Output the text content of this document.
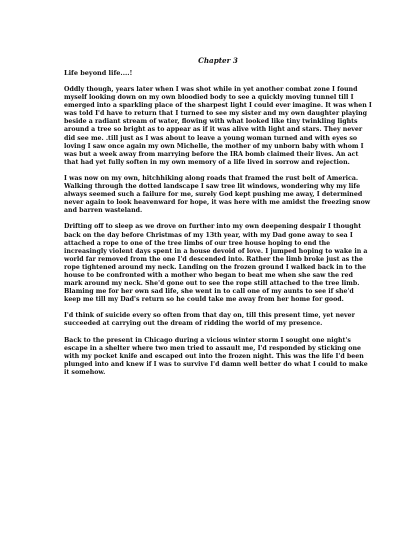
Chapter 3
Life beyond life....!

Oddly though, years later when I was shot while in yet another combat zone I found myself looking down on my own bloodied body to see a quickly moving tunnel till I emerged into a sparkling place of the sharpest light I could ever imagine. It was when I was told I'd have to return that I turned to see my sister and my own daughter playing beside a radiant stream of water, flowing with what looked like tiny twinkling lights around a tree so bright as to appear as if it was alive with light and stars. They never did see me. .till just as I was about to leave a young woman turned and with eyes so loving I saw once again my own Michelle, the mother of my unborn baby with whom I was but a week away from marrying before the IRA bomb claimed their lives. An act that had yet fully soften in my own memory of a life lived in sorrow and rejection.

I was now on my own, hitchhiking along roads that framed the rust belt of America. Walking through the dotted landscape I saw tree lit windows, wondering why my life always seemed such a failure for me, surely God kept pushing me away, I determined never again to look heavenward for hope, it was here with me amidst the freezing snow and barren wasteland.

Drifting off to sleep as we drove on further into my own deepening despair I thought back on the day before Christmas of my 13th year, with my Dad gone away to sea I attached a rope to one of the tree limbs of our tree house hoping to end the increasingly violent days spent in a house devoid of love. I jumped hoping to wake in a world far removed from the one I'd descended into. Rather the limb broke just as the rope tightened around my neck. Landing on the frozen ground I walked back in to the house to be confronted with a mother who began to beat me when she saw the red mark around my neck. She'd gone out to see the rope still attached to the tree limb. Blaming me for her own sad life, she went in to call one of my aunts to see if she'd keep me till my Dad's return so he could take me away from her home for good.

I'd think of suicide every so often from that day on, till this present time, yet never succeeded at carrying out the dream of ridding the world of my presence.

Back to the present in Chicago during a vicious winter storm I sought one night's escape in a shelter where two men tried to assault me, I'd responded by sticking one with my pocket knife and escaped out into the frozen night. This was the life I'd been plunged into and knew if I was to survive I'd damn well better do what I could to make it somehow.
